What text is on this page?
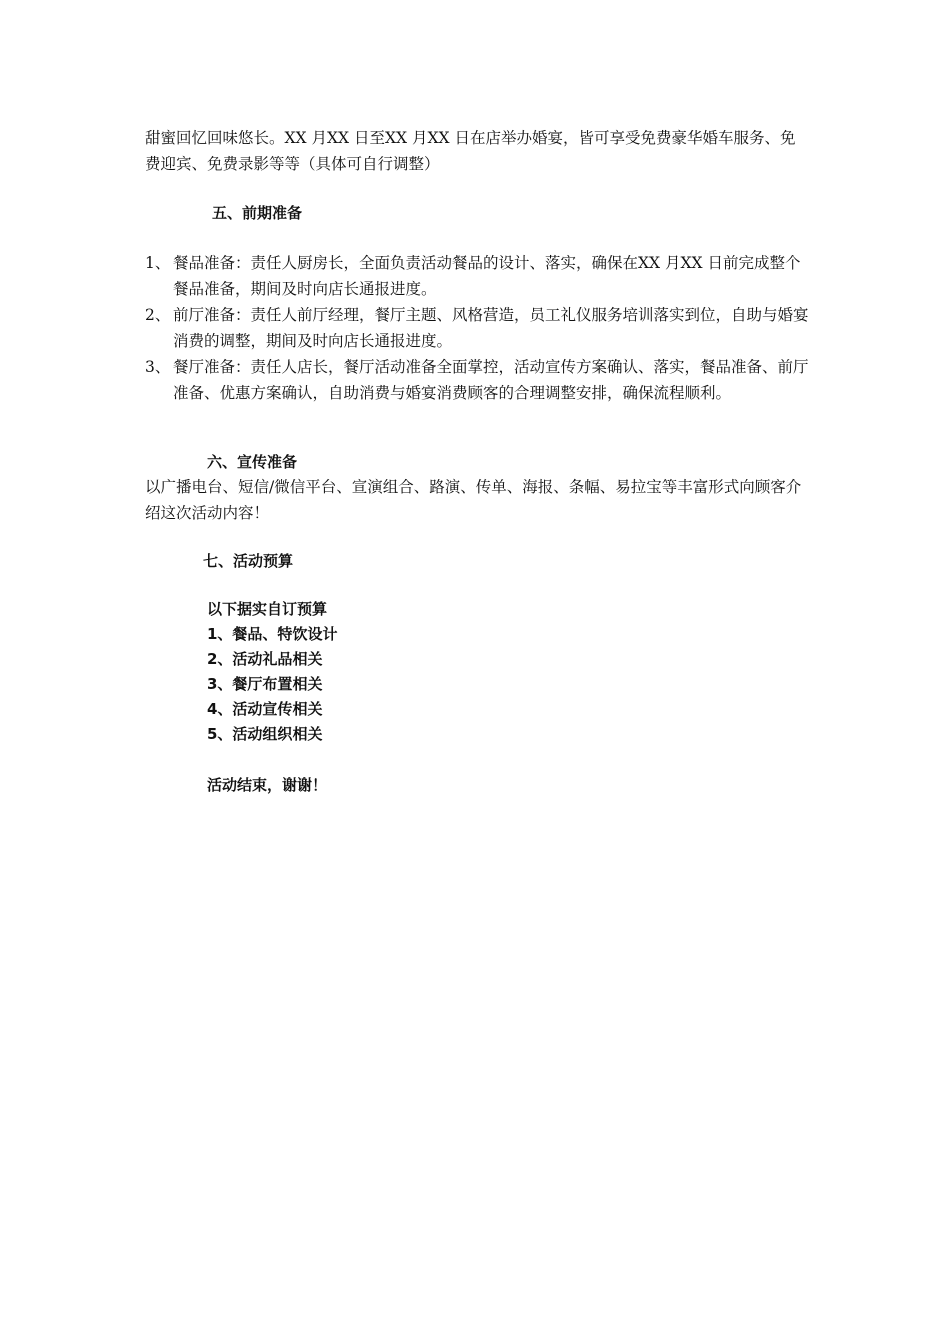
甜蜜回忆回味悠长。XX 月XX 日至XX 月XX 日在店举办婚宴，皆可享受免费豪华婚车服务、免费迎宾、免费录影等等（具体可自行调整）

五、前期准备
1、 餐品准备：责任人厨房长，全面负责活动餐品的设计、落实，确保在XX 月XX 日前完成整个餐品准备，期间及时向店长通报进度。
2、 前厅准备：责任人前厅经理，餐厅主题、风格营造，员工礼仪服务培训落实到位，自助与婚宴消费的调整，期间及时向店长通报进度。
3、 餐厅准备：责任人店长，餐厅活动准备全面掌控，活动宣传方案确认、落实，餐品准备、前厅准备、优惠方案确认，自助消费与婚宴消费顾客的合理调整安排，确保流程顺利。
六、宣传准备

以广播电台、短信/微信平台、宣演组合、路演、传单、海报、条幅、易拉宝等丰富形式向顾客介绍这次活动内容！

七、活动预算
以下据实自订预算
1、餐品、特饮设计
2、活动礼品相关
3、餐厅布置相关
4、活动宣传相关
5、活动组织相关

活动结束，谢谢！
